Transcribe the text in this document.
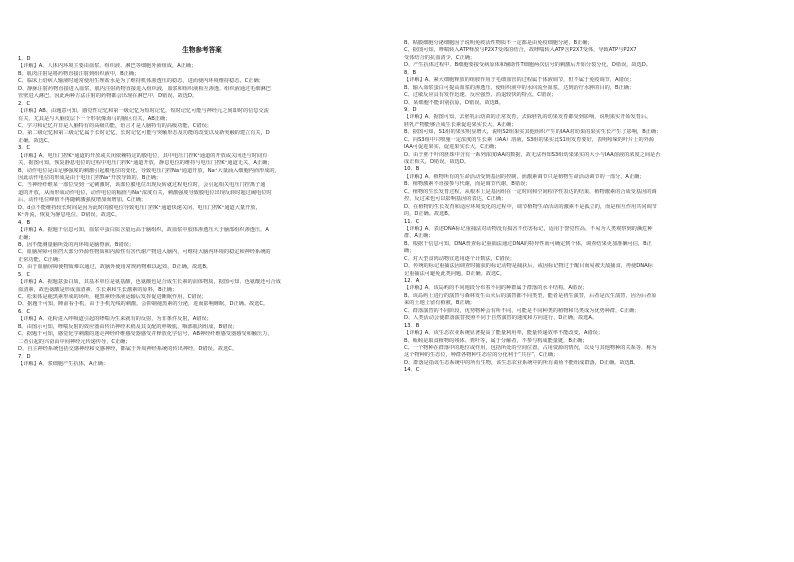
生物参考答案
1．D
【详解】A、人体内环境主要由血浆、组织液、淋巴等细胞外液组成，A正确；
B、肌肉注射是将药物直接注射到组织液中，B正确；
C、临床上给病人输液时通常使用生理盐水是为了维持机体渗透压的稳态，进而使内环境维持稳态，C正确；
D、静脉注射药物直接进入血浆，肌内注射药物直接进入组织液，血浆和组织液相互渗透，组织液通过毛细淋巴
管壁进入淋巴，因此两种方法注射的药物都会出现在淋巴中，D错误。故选D。
2．C
【详解】AB、由题意可知，感觉性记忆和第一级记忆为短时记忆，短时记忆可能与神经元之间即时的信息交流
有关，尤其是与大脑皮层下一个形状像海马的脑区有关，AB正确；
C、学习和记忆并非是人脑特有的高级功能，语言才是人脑特有的高级功能，C错误；
D、第二级记忆和第三级记忆属于长时记忆，长时记忆可能与突触形态及功能的改变以及新突触的建立有关，D
正确。故选C。
3．C
【详解】A、电压门控K⁺通道的开放或关闭依赖特定的膜电位，其中电压门控K⁺通道的开放或关闭还与时间有
关，据图可知，恢复静息电位的过程中电压门控K⁺通道开放，静息电位的维持与电压门控K⁺通道无关，A正确；
B、动作电位是由足够强度的刺激引起膜电位的变化，导致电压门控Na⁺通道开放，Na⁺大量涌入细胞内而形成的，
因此动作电位的形成是由于电压门控Na⁺开放导致的，B正确；
C、当神经纤维某一部位受到一定刺激时，该部位膜电位出现反转就过程电位时，会引起相关电压门控离子通
道的开放，从而形成动作电位，动作电位的幅值与Na⁺浓度有关，刺激强度导致膜电位出现反转时超过阈电位时
后，动作电位峰值不再随刺激强度增加而增加，C正确；
D、d点不能维持较长时间是因为此时的膜电位导致电压门控K⁺通道快速关闭，电压门控K⁺通道大量开放，
K⁺外流，恢复为静息电位，D错误。故选C。
4．B
【详解】A、据题干信息可知，血浆中蛋白质含量远高于脑组织，故血浆中胶体渗透压大于脑部组织渗透压，A
正确；
B、因不能测量脑所处的内环境是脑脊液，B错误；
C、血脑屏障可阻挡大部分外源性物质和内源性有害代谢产物进入脑内，可维持大脑内环境的稳定和神经系统的
正常功能，C正确；
D、由于血脑屏障使物质难以通过，故脑外使用常规药物难以起效，D正确。故选B。
5．C
【详解】A、据题意蛋白质，其基本单位是氨基酸，色氨酸也是合成生长素的前体物质，据图可知，色氨酸还可合成
血清素，故色氨酸是形成血清素、生长素和生长激素的原料，B正确；
C、松果体是褪黑素形成的场所，褪黑素经体液运输后发挥促进睡眠作用，C错误；
D、据题干可知，睡前看手机，由于手机光线的刺激，会抑制褪黑素的分泌，进而影响睡眠，D正确。故选C。
6．C
【详解】A、花粉进入呼吸道引起的哮喘为生来就有的反射，为非条件反射，A错误；
B、由图示可知，哮喘反射的效应器由传出神经末梢及其支配的呼吸肌、咽部肌肉组成，B错误；
C、据题干可知，感觉化学刺激的迷走神经纤维感受器感受并释放化学信号，AB神经纤维感受器感受和触压力，
二者引起的兴奋由中间神经元传递传导，C正确；
D、自主神经系统包括交感神经和交感神经，都属于外周神经系统的传出神经，D错误。故选C。
7．D
【详解】A、浆细胞产生抗体，A正确；
B、粘膜细胞分泌细胞因子说明免疫活性物质不一定都是由免疫细胞分泌，B正确；
C、据图可知，哮喘转入ATP释放与P2X7受体的结合，故哮喘转入ATP含P2X7受体，导致ATP与P2X7
受体结合的抗血清少，C正确；
D、产生抗体过程中，B细胞要接受病原体和辅助性T细胞两次信号的刺激后开始分裂分化，D错误。故选D。
8．B
【详解】A、紧大细胞释放的组胺作用于毛细血管的过程属于体液调节，但不属于免疫调节，A错误；
B、输入血浆蛋白可提高血浆的渗透压，使组织液中的水回流至血浆，达到治疗水肿的目的，B正确；
C、过敏反应具有发作迅速、反应强烈、消退较快的特点，C错误；
D、某细胞不能识别抗原，D错误。故选B。
9．D
【详解】A、据图可知，去胚乳后幼苗的正常发育，去除胚乳的幼果发育都受到影响，说明果实开始发育后，
胚乳产物能够合成生长素促进果实长大，A正确；
B、据图可知，S1组的果实明显增大，说明S2组果实其他组织产生的IAA对幼果的果实生长产生了影响，B正确；
C、向S3组中只喷施一定浓度的生长素（IAA）溶液，S3组的果实比S1组发育要好，表明吲哚的叶片上的外源
IAA可促进果实，促进果实长大，C正确；
D、由于胚干叶的胚珠中含有一系列浓度IAA的数据，故无法得知S3组幼果果实的大小与IAA溶液的浓度之间是否
成正相关，D错误。故选D。
10．B
【详解】A、植物所有的生命活动受到基因的控制，而激素调节只是植物生命活动调节的一部分，A正确；
B、植物激素不直接参与代谢，而是调节代谢，B错误；
C、植物的生长发育过程，从根本上是基因组在一定时间和空间程序性表达的结果，植物激素的合成受基因的调
控，反过来也可以影响基因的表达，C正确；
D、在植物的生长发育和适应环境变化的过程中，调节植物生命活动的激素不是孤立的，而是相互作用共同调节
的，D正确。故选B。
11．C
【详解】A、表述DNA标记重捕法对动物没有损害不伤害标记，适用于警觉性高，不易为人类观察到的濒危种
群，A正确；
B、根据干信息可知，DNA普查标记重捕法通过DNA的特异性而可确定到个体，调查结果更加准确可信，B正
确；
C、对大型食肉动物宜选用逐个计数法，C错误；
D、传统的标记重捕法因调查时捕获的标记动物是捕获后，或因标记物过于醒目而易被天敌捕食，再使DNA标
记重捕法可避免此类问题，D正确。故选C。
12．A
【详解】A、该岛屿的不同地段分布着不同的种群属于群落的水平结构，A错误；
B、该岛屿上进行的演替与森林发生山火后的演替都不同类型，能者是初生演替，后者是次生演替，因为后者原
来的土地上留有植被，B正确；
C、群落演替的不同阶段，优势物种会有所不同，可能是不同种类的植物和鸟类成为优势种群，C正确；
D、人类活动会使群落演替按照不同于自然演替的速度和方向进行，D正确。故选A。
13．B
【详解】A、该生态农业系统显著提高了能量利用率，能量传递效率不能改变，A错误；
B、蚯蚓是取食植物的残体、粪叶等，属于分解者，不参与构成能量链，B正确；
C、一个物种在群落中的地位或作用，包括所处的空间位置，占用资源的情况，以及与其他物种的关系等，称为
这个物种的生态位，种群各物种生态位的分化利于“共存”，C正确；
D、群落是指该生态系统中的所有生物，该生态农业系统中的所有禽鱼不能组成群落，D正确。故选B。
14．C
